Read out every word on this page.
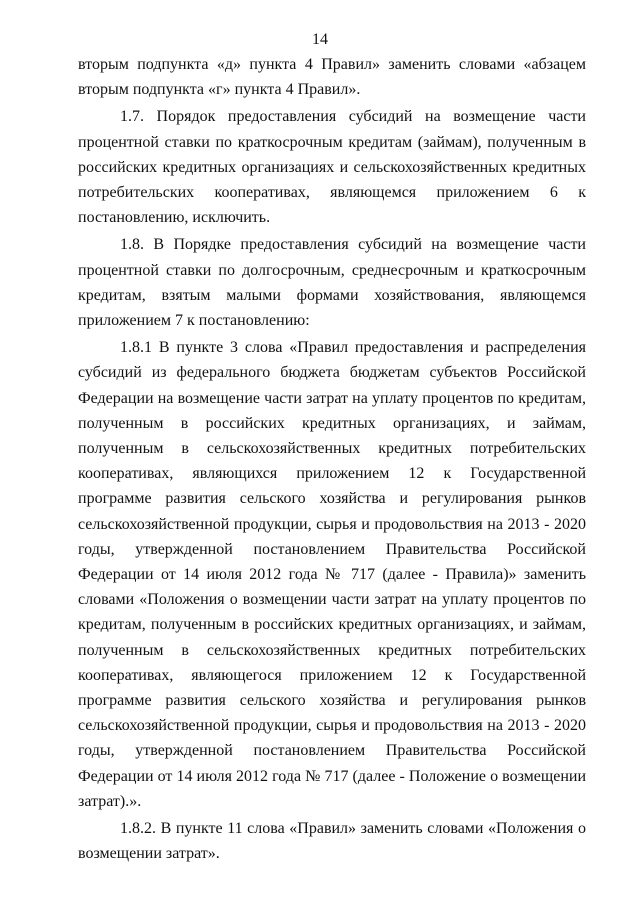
14

вторым подпункта «д» пункта 4 Правил» заменить словами «абзацем вторым подпункта «г» пункта 4 Правил».

1.7. Порядок предоставления субсидий на возмещение части процентной ставки по краткосрочным кредитам (займам), полученным в российских кредитных организациях и сельскохозяйственных кредитных потребительских кооперативах, являющемся приложением 6 к постановлению, исключить.

1.8. В Порядке предоставления субсидий на возмещение части процентной ставки по долгосрочным, среднесрочным и краткосрочным кредитам, взятым малыми формами хозяйствования, являющемся приложением 7 к постановлению:

1.8.1 В пункте 3 слова «Правил предоставления и распределения субсидий из федерального бюджета бюджетам субъектов Российской Федерации на возмещение части затрат на уплату процентов по кредитам, полученным в российских кредитных организациях, и займам, полученным в сельскохозяйственных кредитных потребительских кооперативах, являющихся приложением 12 к Государственной программе развития сельского хозяйства и регулирования рынков сельскохозяйственной продукции, сырья и продовольствия на 2013 - 2020 годы, утвержденной постановлением Правительства Российской Федерации от 14 июля 2012 года № 717 (далее - Правила)» заменить словами «Положения о возмещении части затрат на уплату процентов по кредитам, полученным в российских кредитных организациях, и займам, полученным в сельскохозяйственных кредитных потребительских кооперативах, являющегося приложением 12 к Государственной программе развития сельского хозяйства и регулирования рынков сельскохозяйственной продукции, сырья и продовольствия на 2013 - 2020 годы, утвержденной постановлением Правительства Российской Федерации от 14 июля 2012 года № 717 (далее - Положение о возмещении затрат).».

1.8.2. В пункте 11 слова «Правил» заменить словами «Положения о возмещении затрат».
